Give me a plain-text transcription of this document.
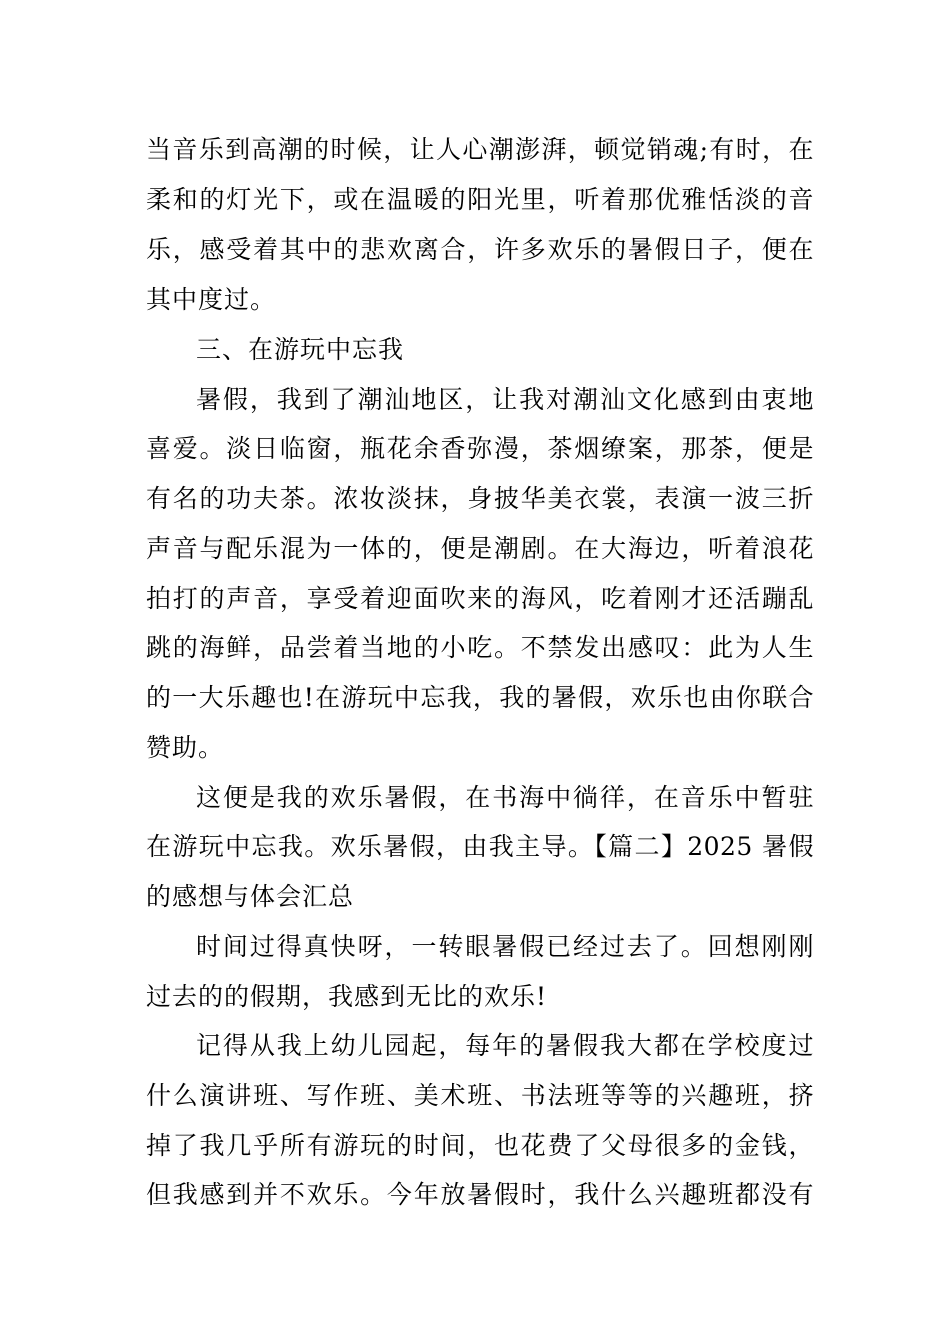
当音乐到高潮的时候，让人心潮澎湃，顿觉销魂;有时，在
柔和的灯光下，或在温暖的阳光里，听着那优雅恬淡的音
乐，感受着其中的悲欢离合，许多欢乐的暑假日子，便在
其中度过。
三、在游玩中忘我
暑假，我到了潮汕地区，让我对潮汕文化感到由衷地
喜爱。淡日临窗，瓶花余香弥漫，茶烟缭案，那茶，便是
有名的功夫茶。浓妆淡抹，身披华美衣裳，表演一波三折
声音与配乐混为一体的，便是潮剧。在大海边，听着浪花
拍打的声音，享受着迎面吹来的海风，吃着刚才还活蹦乱
跳的海鲜，品尝着当地的小吃。不禁发出感叹：此为人生
的一大乐趣也!在游玩中忘我，我的暑假，欢乐也由你联合
赞助。
这便是我的欢乐暑假，在书海中徜徉，在音乐中暂驻
在游玩中忘我。欢乐暑假，由我主导。【篇二】2025 暑假
的感想与体会汇总
时间过得真快呀，一转眼暑假已经过去了。回想刚刚
过去的的假期，我感到无比的欢乐!
记得从我上幼儿园起，每年的暑假我大都在学校度过
什么演讲班、写作班、美术班、书法班等等的兴趣班，挤
掉了我几乎所有游玩的时间，也花费了父母很多的金钱，
但我感到并不欢乐。今年放暑假时，我什么兴趣班都没有
